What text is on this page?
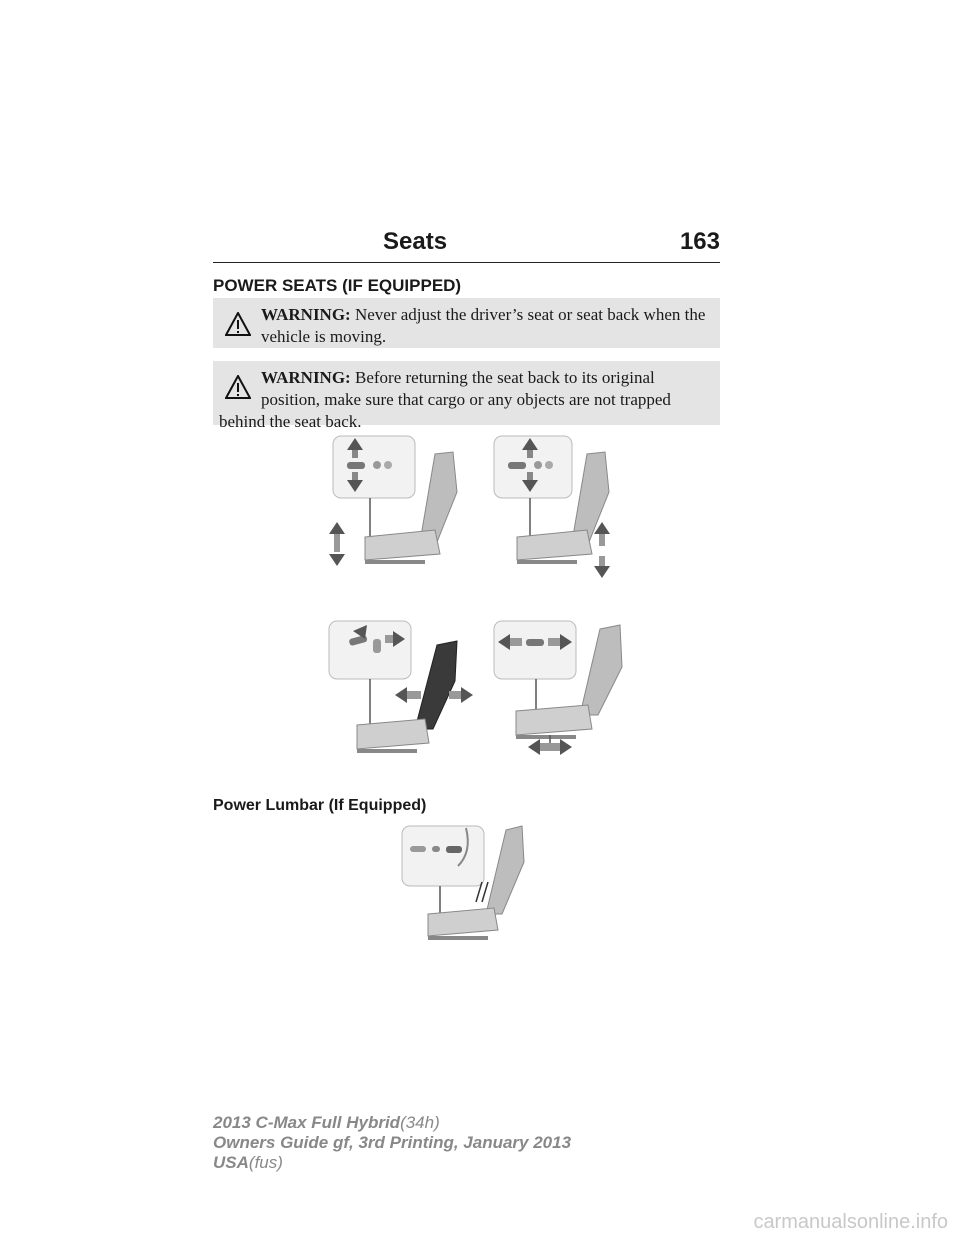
Seats	163
POWER SEATS (IF EQUIPPED)
WARNING: Never adjust the driver’s seat or seat back when the
vehicle is moving.
WARNING: Before returning the seat back to its original
position, make sure that cargo or any objects are not trapped
behind the seat back.
Power Lumbar (If Equipped)
2013 C-Max Full Hybrid(34h)
Owners Guide gf, 3rd Printing, January 2013
USA(fus)
carmanualsonline.info
